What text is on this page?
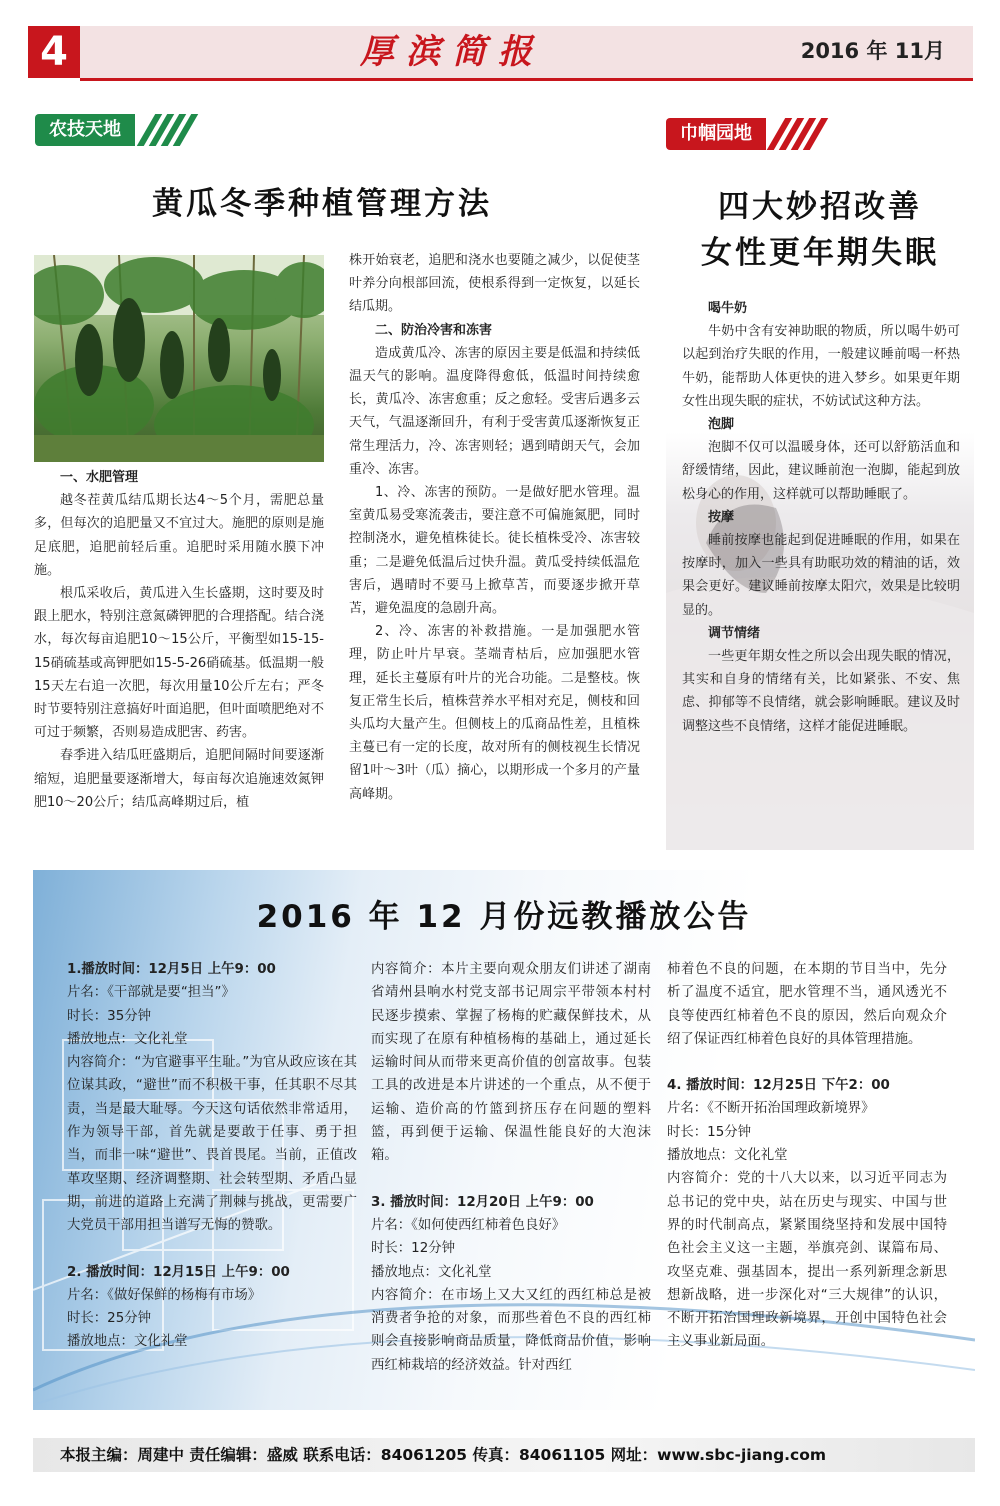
4	厚滨简报	2016 年 11月
农技天地
黄瓜冬季种植管理方法

一、水肥管理

越冬茬黄瓜结瓜期长达4～5个月，需肥总量多，但每次的追肥量又不宜过大。施肥的原则是施足底肥，追肥前轻后重。追肥时采用随水膜下冲施。

根瓜采收后，黄瓜进入生长盛期，这时要及时跟上肥水，特别注意氮磷钾肥的合理搭配。结合浇水，每次每亩追肥10～15公斤，平衡型如15-15-15硝硫基或高钾肥如15-5-26硝硫基。低温期一般15天左右追一次肥，每次用量10公斤左右；严冬时节要特别注意搞好叶面追肥，但叶面喷肥绝对不可过于频繁，否则易造成肥害、药害。

春季进入结瓜旺盛期后，追肥间隔时间要逐渐缩短，追肥量要逐渐增大，每亩每次追施速效氮钾肥10～20公斤；结瓜高峰期过后，植

株开始衰老，追肥和浇水也要随之减少，以促使茎叶养分向根部回流，使根系得到一定恢复，以延长结瓜期。

二、防治冷害和冻害

造成黄瓜冷、冻害的原因主要是低温和持续低温天气的影响。温度降得愈低，低温时间持续愈长，黄瓜冷、冻害愈重；反之愈轻。受害后遇多云天气，气温逐渐回升，有利于受害黄瓜逐渐恢复正常生理活力，冷、冻害则轻；遇到晴朗天气，会加重冷、冻害。

1、冷、冻害的预防。一是做好肥水管理。温室黄瓜易受寒流袭击，要注意不可偏施氮肥，同时控制浇水，避免植株徒长。徒长植株受冷、冻害较重；二是避免低温后过快升温。黄瓜受持续低温危害后，遇晴时不要马上掀草苫，而要逐步掀开草苫，避免温度的急剧升高。

2、冷、冻害的补救措施。一是加强肥水管理，防止叶片早衰。茎端青枯后，应加强肥水管理，延长主蔓原有叶片的光合功能。二是整枝。恢复正常生长后，植株营养水平相对充足，侧枝和回头瓜均大量产生。但侧枝上的瓜商品性差，且植株主蔓已有一定的长度，故对所有的侧枝视生长情况留1叶～3叶（瓜）摘心，以期形成一个多月的产量高峰期。

巾帼园地
四大妙招改善
女性更年期失眠

喝牛奶

牛奶中含有安神助眠的物质，所以喝牛奶可以起到治疗失眠的作用，一般建议睡前喝一杯热牛奶，能帮助人体更快的进入梦乡。如果更年期女性出现失眠的症状，不妨试试这种方法。

泡脚

泡脚不仅可以温暖身体，还可以舒筋活血和舒缓情绪，因此，建议睡前泡一泡脚，能起到放松身心的作用，这样就可以帮助睡眠了。

按摩

睡前按摩也能起到促进睡眠的作用，如果在按摩时，加入一些具有助眠功效的精油的话，效果会更好。建议睡前按摩太阳穴，效果是比较明显的。

调节情绪

一些更年期女性之所以会出现失眠的情况，其实和自身的情绪有关，比如紧张、不安、焦虑、抑郁等不良情绪，就会影响睡眠。建议及时调整这些不良情绪，这样才能促进睡眠。

2016 年 12 月份远教播放公告

1.播放时间：12月5日 上午9：00

片名：《干部就是要“担当”》

时长：35分钟

播放地点：文化礼堂

内容简介：“为官避事平生耻。”为官从政应该在其位谋其政，“避世”而不积极干事，任其职不尽其责，当是最大耻辱。今天这句话依然非常适用，作为领导干部，首先就是要敢于任事、勇于担当，而非一味“避世”、畏首畏尾。当前，正值改革攻坚期、经济调整期、社会转型期、矛盾凸显期，前进的道路上充满了荆棘与挑战，更需要广大党员干部用担当谱写无悔的赞歌。

2. 播放时间：12月15日 上午9：00

片名：《做好保鲜的杨梅有市场》

时长：25分钟

播放地点：文化礼堂

内容简介：本片主要向观众朋友们讲述了湖南省靖州县响水村党支部书记周宗平带领本村村民逐步摸索、掌握了杨梅的贮藏保鲜技术，从而实现了在原有种植杨梅的基础上，通过延长运输时间从而带来更高价值的创富故事。包装工具的改进是本片讲述的一个重点，从不便于运输、造价高的竹篮到挤压存在问题的塑料篮，再到便于运输、保温性能良好的大泡沫箱。

3. 播放时间：12月20日 上午9：00

片名：《如何使西红柿着色良好》

时长：12分钟

播放地点：文化礼堂

内容简介：在市场上又大又红的西红柿总是被消费者争抢的对象，而那些着色不良的西红柿则会直接影响商品质量，降低商品价值，影响西红柿栽培的经济效益。针对西红

柿着色不良的问题，在本期的节目当中，先分析了温度不适宜，肥水管理不当，通风透光不良等使西红柿着色不良的原因，然后向观众介绍了保证西红柿着色良好的具体管理措施。

4. 播放时间：12月25日 下午2：00

片名：《不断开拓治国理政新境界》

时长：15分钟

播放地点：文化礼堂

内容简介：党的十八大以来，以习近平同志为总书记的党中央，站在历史与现实、中国与世界的时代制高点，紧紧围绕坚持和发展中国特色社会主义这一主题，举旗亮剑、谋篇布局、攻坚克难、强基固本，提出一系列新理念新思想新战略，进一步深化对“三大规律”的认识，不断开拓治国理政新境界，开创中国特色社会主义事业新局面。

本报主编：周建中 责任编辑：盛威 联系电话：84061205 传真：84061105 网址：www.sbc-jiang.com
